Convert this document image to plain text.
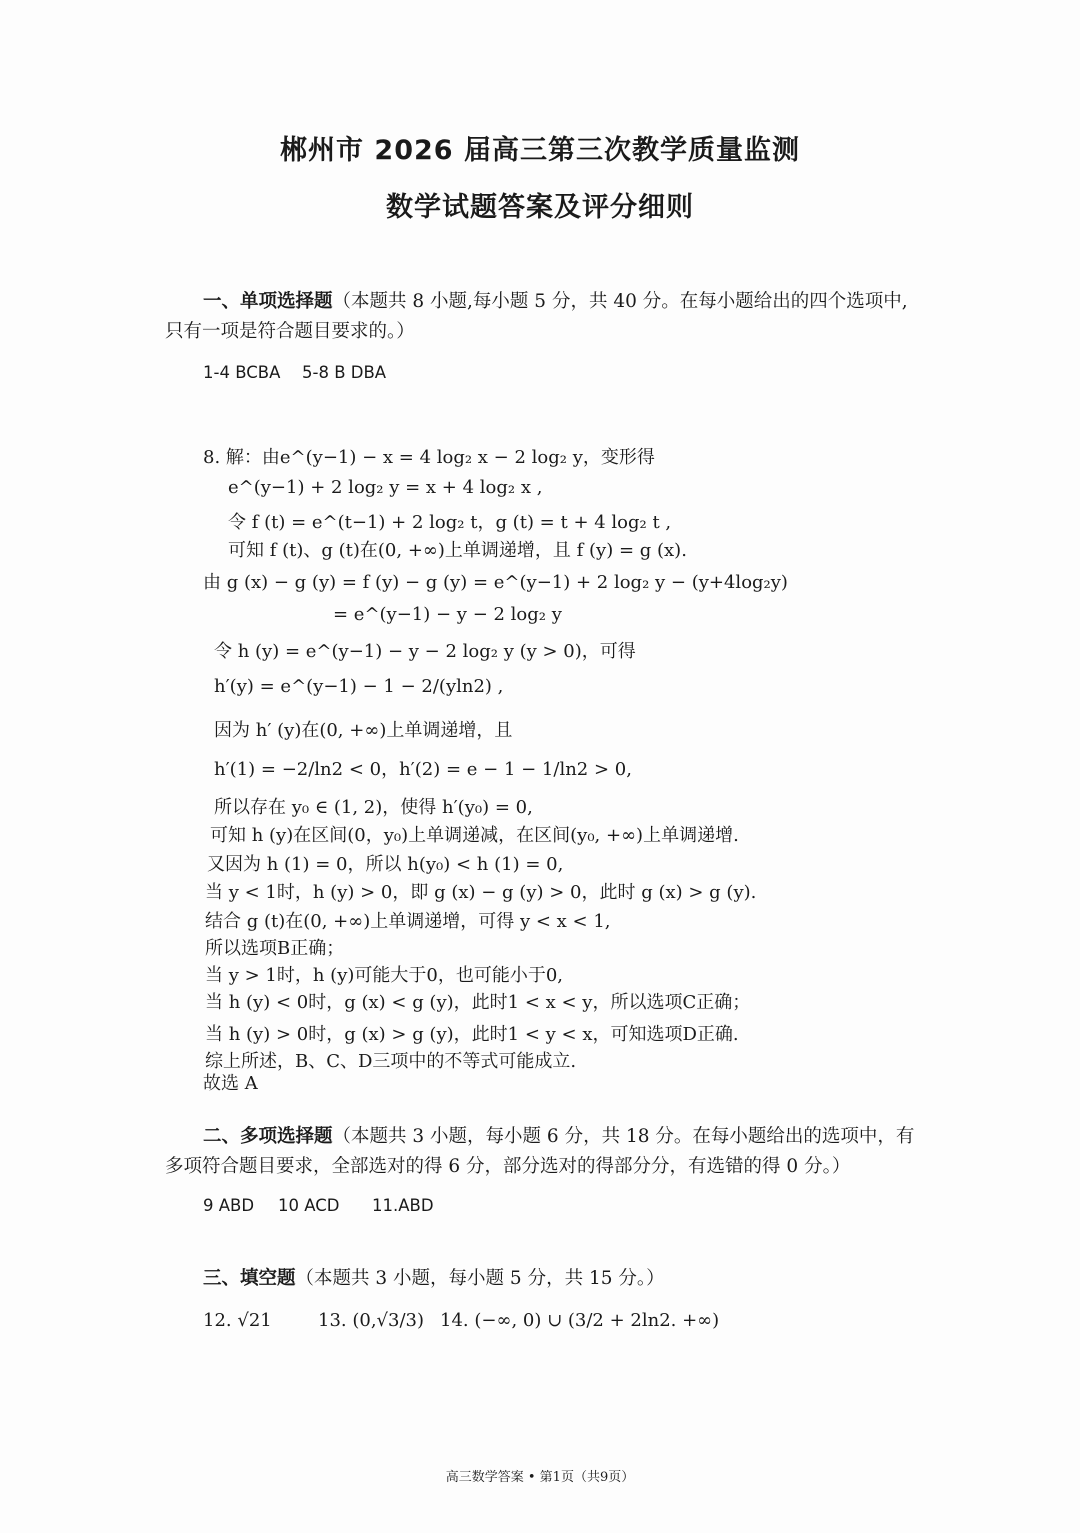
郴州市 2026 届高三第三次教学质量监测
数学试题答案及评分细则
一、单项选择题（本题共 8 小题,每小题 5 分，共 40 分。在每小题给出的四个选项中,只有一项是符合题目要求的。）
1-4 BCBA 5-8 B DBA
8. 解：由e^(y−1) − x = 4 log₂ x − 2 log₂ y，变形得
e^(y−1) + 2 log₂ y = x + 4 log₂ x ,
令 f (t) = e^(t−1) + 2 log₂ t，g (t) = t + 4 log₂ t ,
可知 f (t)、g (t)在(0, +∞)上单调递增，且 f (y) = g (x).
由 g (x) − g (y) = f (y) − g (y) = e^(y−1) + 2 log₂ y − (y+4log₂y)
= e^(y−1) − y − 2 log₂ y
令 h (y) = e^(y−1) − y − 2 log₂ y (y > 0)，可得
h′(y) = e^(y−1) − 1 − 2/(yln2) ,
因为 h′ (y)在(0, +∞)上单调递增，且
h′(1) = −2/ln2 < 0，h′(2) = e − 1 − 1/ln2 > 0,
所以存在 y₀ ∈ (1, 2)，使得 h′(y₀) = 0,
可知 h (y)在区间(0，y₀)上单调递减，在区间(y₀, +∞)上单调递增.
又因为 h (1) = 0，所以 h(y₀) < h (1) = 0,
当 y < 1时，h (y) > 0，即 g (x) − g (y) > 0，此时 g (x) > g (y).
结合 g (t)在(0, +∞)上单调递增，可得 y < x < 1,
所以选项B正确；
当 y > 1时，h (y)可能大于0，也可能小于0,
当 h (y) < 0时，g (x) < g (y)，此时1 < x < y，所以选项C正确；
当 h (y) > 0时，g (x) > g (y)，此时1 < y < x，可知选项D正确.
综上所述，B、C、D三项中的不等式可能成立.
故选 A
二、多项选择题（本题共 3 小题，每小题 6 分，共 18 分。在每小题给出的选项中，有多项符合题目要求，全部选对的得 6 分，部分选对的得部分分，有选错的得 0 分。）
9 ABD 10 ACD 11.ABD
三、填空题（本题共 3 小题，每小题 5 分，共 15 分。）
12. √21	13. (0,√3/3) 14. (−∞, 0) ∪ (3/2 + 2ln2. +∞)
高三数学答案 • 第1页（共9页）
